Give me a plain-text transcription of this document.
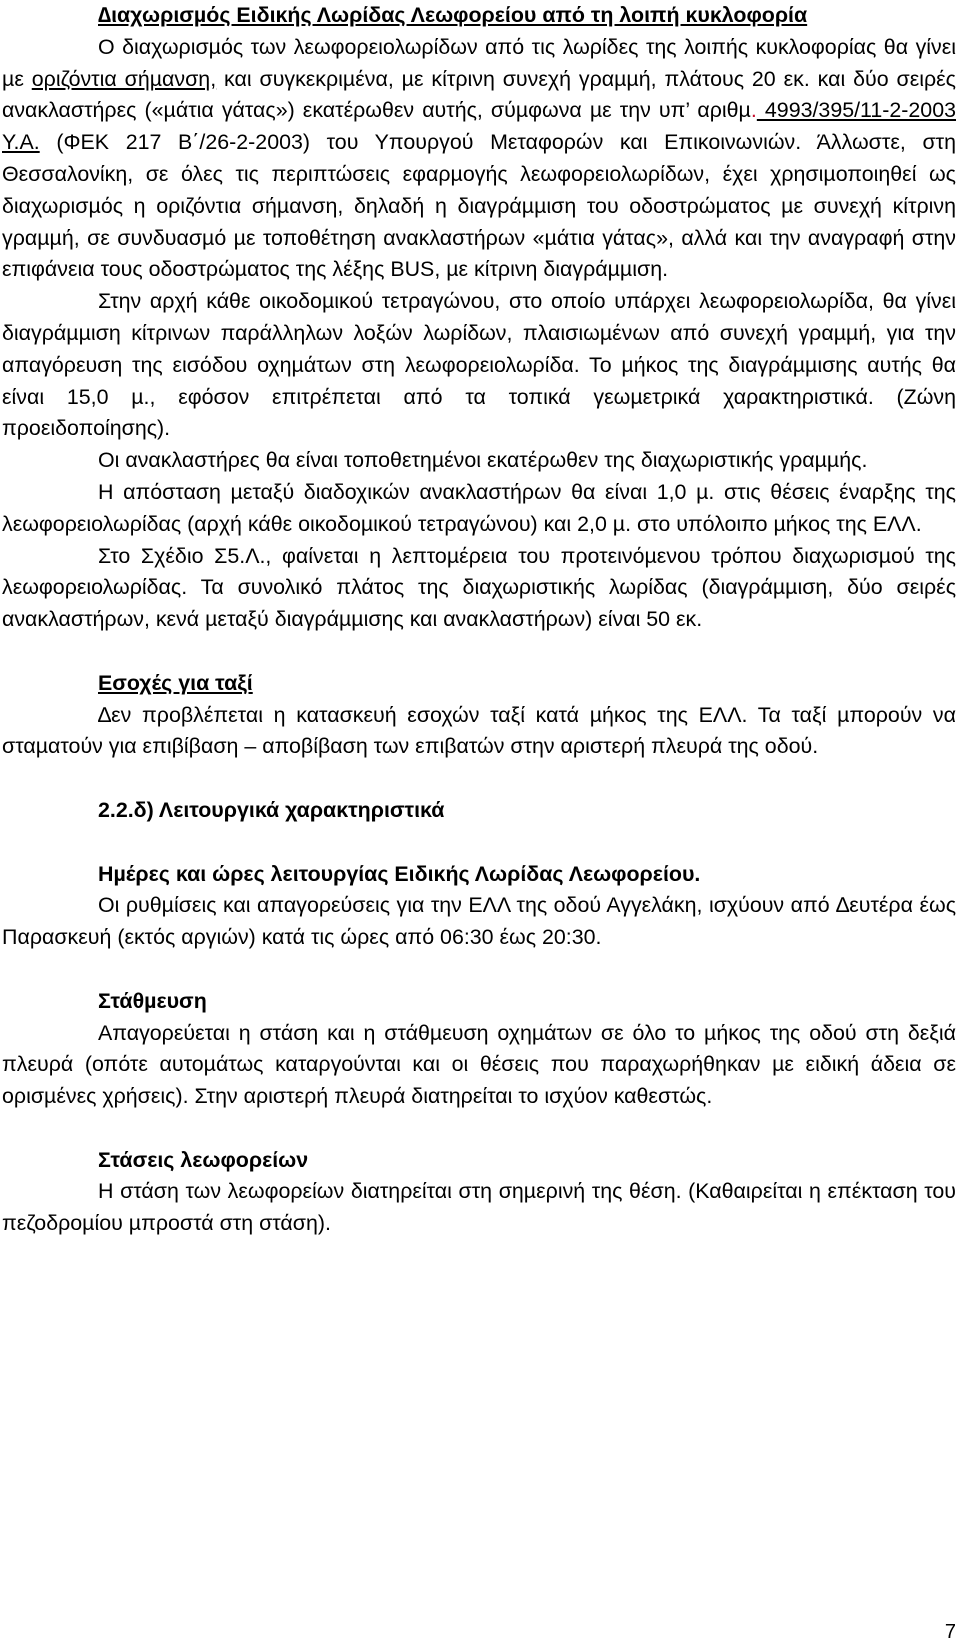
∆ιαχωρισµός Ειδικής Λωρίδας Λεωφορείου από τη λοιπή κυκλοφορία

Ο διαχωρισµός των λεωφορειολωρίδων από τις λωρίδες της λοιπής κυκλοφορίας θα γίνει µε οριζόντια σήµανση, και συγκεκριµένα, µε κίτρινη συνεχή γραµµή, πλάτους 20 εκ. και δύο σειρές ανακλαστήρες («µάτια γάτας») εκατέρωθεν αυτής, σύµφωνα µε την υπ’ αριθµ. 4993/395/11-2-2003 Υ.Α. (ΦΕΚ 217 Β΄/26-2-2003) του Υπουργού Μεταφορών και Επικοινωνιών. Άλλωστε, στη Θεσσαλονίκη, σε όλες τις περιπτώσεις εφαρµογής λεωφορειολωρίδων, έχει χρησιµοποιηθεί ως διαχωρισµός η οριζόντια σήµανση, δηλαδή η διαγράµµιση του οδοστρώµατος µε συνεχή κίτρινη γραµµή, σε συνδυασµό µε τοποθέτηση ανακλαστήρων «µάτια γάτας», αλλά και την αναγραφή στην επιφάνεια τους οδοστρώµατος της λέξης BUS, µε κίτρινη διαγράµµιση.

Στην αρχή κάθε οικοδοµικού τετραγώνου, στο οποίο υπάρχει λεωφορειολωρίδα, θα γίνει διαγράµµιση κίτρινων παράλληλων λοξών λωρίδων, πλαισιωµένων από συνεχή γραµµή, για την απαγόρευση της εισόδου οχηµάτων στη λεωφορειολωρίδα. Το µήκος της διαγράµµισης αυτής θα είναι 15,0 µ., εφόσον επιτρέπεται από τα τοπικά γεωµετρικά χαρακτηριστικά. (Ζώνη προειδοποίησης).

Οι ανακλαστήρες θα είναι τοποθετηµένοι εκατέρωθεν της διαχωριστικής γραµµής.

Η απόσταση µεταξύ διαδοχικών ανακλαστήρων θα είναι 1,0 µ. στις θέσεις έναρξης της λεωφορειολωρίδας (αρχή κάθε οικοδοµικού τετραγώνου) και 2,0 µ. στο υπόλοιπο µήκος της ΕΛΛ.

Στο Σχέδιο Σ5.Λ., φαίνεται η λεπτοµέρεια του προτεινόµενου τρόπου διαχωρισµού της λεωφορειολωρίδας. Τα συνολικό πλάτος της διαχωριστικής λωρίδας (διαγράµµιση, δύο σειρές ανακλαστήρων, κενά µεταξύ διαγράµµισης και ανακλαστήρων) είναι 50 εκ.

Εσοχές για ταξί

∆εν προβλέπεται η κατασκευή εσοχών ταξί κατά µήκος της ΕΛΛ. Τα ταξί µπορούν να σταµατούν για επιβίβαση – αποβίβαση των επιβατών στην αριστερή πλευρά της οδού.

2.2.δ) Λειτουργικά χαρακτηριστικά

Ηµέρες και ώρες λειτουργίας Ειδικής Λωρίδας Λεωφορείου.

Οι ρυθµίσεις και απαγορεύσεις για την ΕΛΛ της οδού Αγγελάκη, ισχύουν από ∆ευτέρα έως Παρασκευή (εκτός αργιών) κατά τις ώρες από 06:30 έως 20:30.

Στάθµευση

Απαγορεύεται η στάση και η στάθµευση οχηµάτων σε όλο το µήκος της οδού στη δεξιά πλευρά (οπότε αυτοµάτως καταργούνται και οι θέσεις που παραχωρήθηκαν µε ειδική άδεια σε ορισµένες χρήσεις). Στην αριστερή πλευρά διατηρείται το ισχύον καθεστώς.

Στάσεις λεωφορείων

Η στάση των λεωφορείων διατηρείται στη σηµερινή της θέση. (Καθαιρείται η επέκταση του πεζοδροµίου µπροστά στη στάση).

7
